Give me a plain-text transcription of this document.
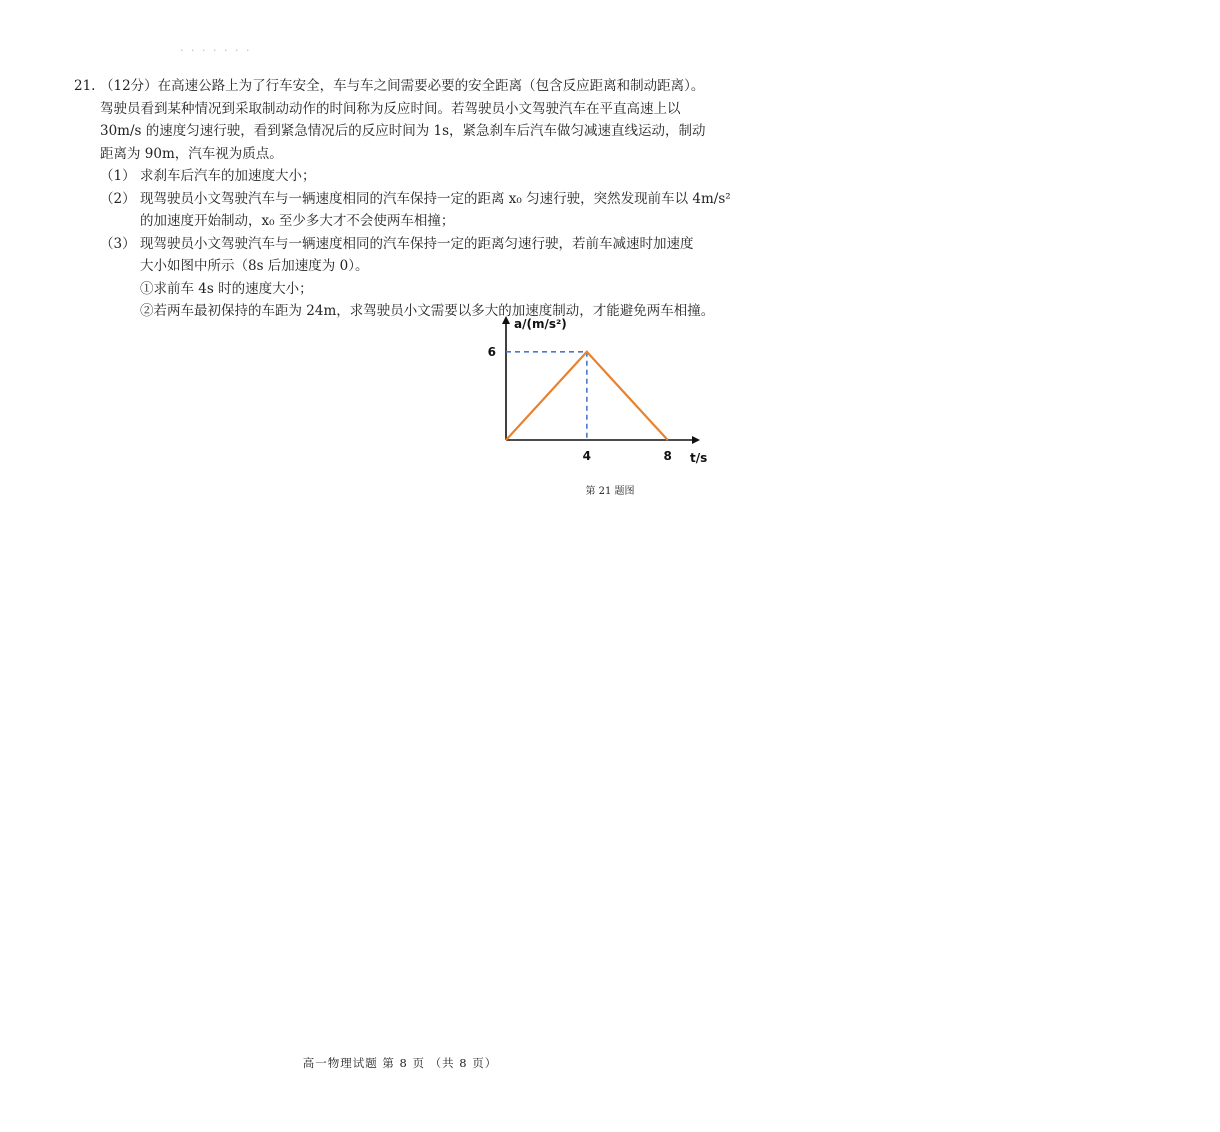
· · · · · · ·

21. （12分）在高速公路上为了行车安全，车与车之间需要必要的安全距离（包含反应距离和制动距离）。

驾驶员看到某种情况到采取制动动作的时间称为反应时间。若驾驶员小文驾驶汽车在平直高速上以

30m/s 的速度匀速行驶，看到紧急情况后的反应时间为 1s，紧急刹车后汽车做匀减速直线运动，制动

距离为 90m，汽车视为质点。

（1） 求刹车后汽车的加速度大小；

（2） 现驾驶员小文驾驶汽车与一辆速度相同的汽车保持一定的距离 x₀ 匀速行驶，突然发现前车以 4m/s²

的加速度开始制动，x₀ 至少多大才不会使两车相撞；

（3） 现驾驶员小文驾驶汽车与一辆速度相同的汽车保持一定的距离匀速行驶，若前车减速时加速度

大小如图中所示（8s 后加速度为 0）。

①求前车 4s 时的速度大小；

②若两车最初保持的车距为 24m，求驾驶员小文需要以多大的加速度制动，才能避免两车相撞。

a/(m/s²)
t/s
6
4	8
第 21 题图
高一物理试题 第 8 页 （共 8 页）
